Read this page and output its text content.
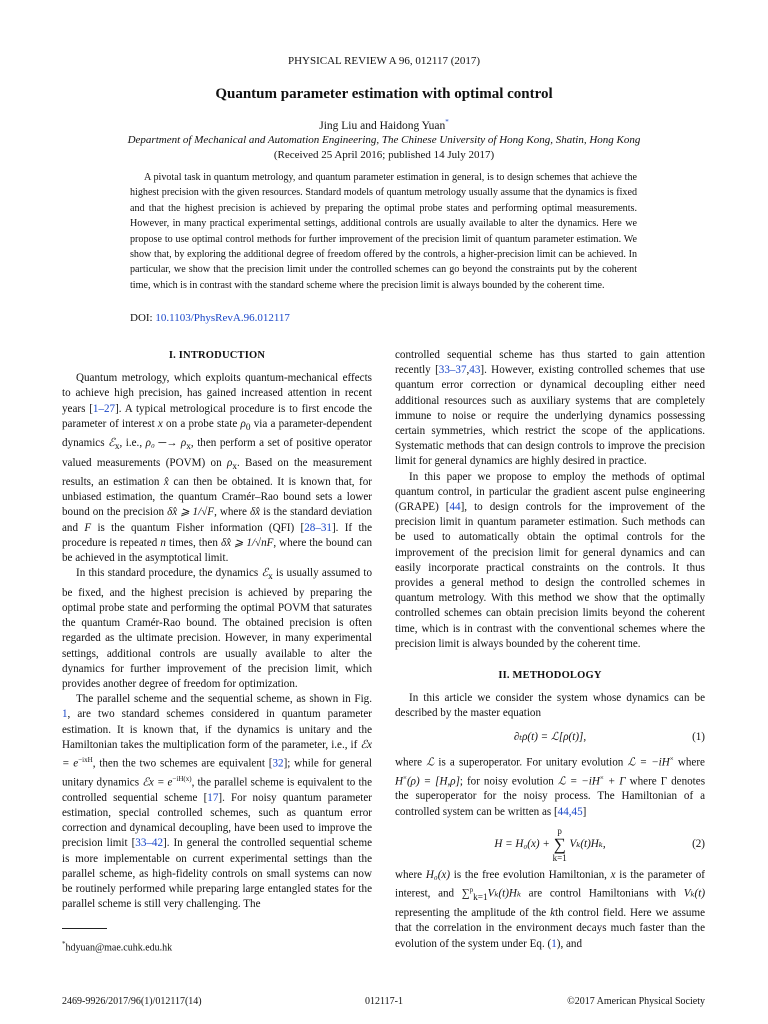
PHYSICAL REVIEW A 96, 012117 (2017)
Quantum parameter estimation with optimal control
Jing Liu and Haidong Yuan*
Department of Mechanical and Automation Engineering, The Chinese University of Hong Kong, Shatin, Hong Kong
(Received 25 April 2016; published 14 July 2017)
A pivotal task in quantum metrology, and quantum parameter estimation in general, is to design schemes that achieve the highest precision with the given resources. Standard models of quantum metrology usually assume that the dynamics is fixed and that the highest precision is achieved by preparing the optimal probe states and performing optimal measurements. However, in many practical experimental settings, additional controls are usually available to alter the dynamics. Here we propose to use optimal control methods for further improvement of the precision limit of quantum parameter estimation. We show that, by exploring the additional degree of freedom offered by the controls, a higher-precision limit can be achieved. In particular, we show that the precision limit under the controlled schemes can go beyond the constraints put by the coherent time, which is in contrast with the standard scheme where the precision limit is always bounded by the coherent time.
DOI: 10.1103/PhysRevA.96.012117
I. INTRODUCTION

Quantum metrology, which exploits quantum-mechanical effects to achieve high precision, has gained increased attention in recent years [1–27]. A typical metrological procedure is to first encode the parameter of interest x on a probe state $\rho_0$ via a parameter-dependent dynamics ℰ$_x$, i.e., ρ₀ ─→ $\rho_x$, then perform a set of positive operator valued measurements (POVM) on $\rho_x$. Based on the measurement results, an estimation x̂ can then be obtained. It is known that, for unbiased estimation, the quantum Cramér–Rao bound sets a lower bound on the precision δx̂ ⩾ 1/√F, where δx̂ is the standard deviation and F is the quantum Fisher information (QFI) [28–31]. If the procedure is repeated n times, then δx̂ ⩾ 1/√nF, where the bound can be achieved in the asymptotical limit.

In this standard procedure, the dynamics ℰ$_x$ is usually assumed to be fixed, and the highest precision is achieved by preparing the optimal probe state and performing the optimal POVM that saturates the quantum Cramér-Rao bound. The obtained precision is often regarded as the ultimate precision. However, in many experimental settings, additional controls are usually available to alter the dynamics for further improvement of the precision limit, which provides another degree of freedom for optimization.

The parallel scheme and the sequential scheme, as shown in Fig. 1, are two standard schemes considered in quantum parameter estimation. It is known that, if the dynamics is unitary and the Hamiltonian takes the multiplication form of the parameter, i.e., if ℰx = $e^{-ixH}$, then the two schemes are equivalent [32]; while for general unitary dynamics ℰx = $e^{-iH(x)}$, the parallel scheme is equivalent to the controlled sequential scheme [17]. For noisy quantum parameter estimation, special controlled schemes, such as quantum error correction and dynamical decoupling, have been used to improve the precision limit [33–42]. In general the controlled sequential scheme is more implementable on current experimental settings than the parallel scheme, as high-fidelity controls on small systems can now be routinely performed while preparing large entangled states for the parallel scheme is still very challenging. The

controlled sequential scheme has thus started to gain attention recently [33–37,43]. However, existing controlled schemes that use quantum error correction or dynamical decoupling either need additional resources such as auxiliary systems that are completely immune to noise or require the underlying dynamics possessing certain symmetries, which restrict the scope of the applications. Systematic methods that can design controls to improve the precision limit for general dynamics are highly desired in practice.

In this paper we propose to employ the methods of optimal quantum control, in particular the gradient ascent pulse engineering (GRAPE) [44], to design controls for the improvement of the precision limit in quantum parameter estimation. Such methods can be used to automatically obtain the optimal controls for the improvement of the precision limit for general dynamics and can easily incorporate practical constraints on the controls. It thus provides a general method to design the controlled schemes in quantum metrology. With this method we show that the optimally controlled schemes can obtain precision limits beyond the coherent time, which is in contrast with the conventional schemes where the precision limit is always bounded by the coherent time.

II. METHODOLOGY

In this article we consider the system whose dynamics can be described by the master equation

∂ₜρ(t) = ℒ[ρ(t)],	(1)

where ℒ is a superoperator. For unitary evolution ℒ = −iH× where H×(ρ) = [H,ρ]; for noisy evolution ℒ = −iH× + Γ where Γ denotes the superoperator for the noisy process. The Hamiltonian of a controlled system can be written as [44,45]

H = H₀(x) +
p
∑
k=1
Vₖ(t)Hₖ,	(2)

where H₀(x) is the free evolution Hamiltonian, x is the parameter of interest, and ∑$^p_{k=1}$Vₖ(t)Hₖ are control Hamiltonians with Vₖ(t) representing the amplitude of the kth control field. Here we assume that the correlation in the environment decays much faster than the evolution of the system under Eq. (1), and

*hdyuan@mae.cuhk.edu.hk
2469-9926/2017/96(1)/012117(14)	012117-1	©2017 American Physical Society
